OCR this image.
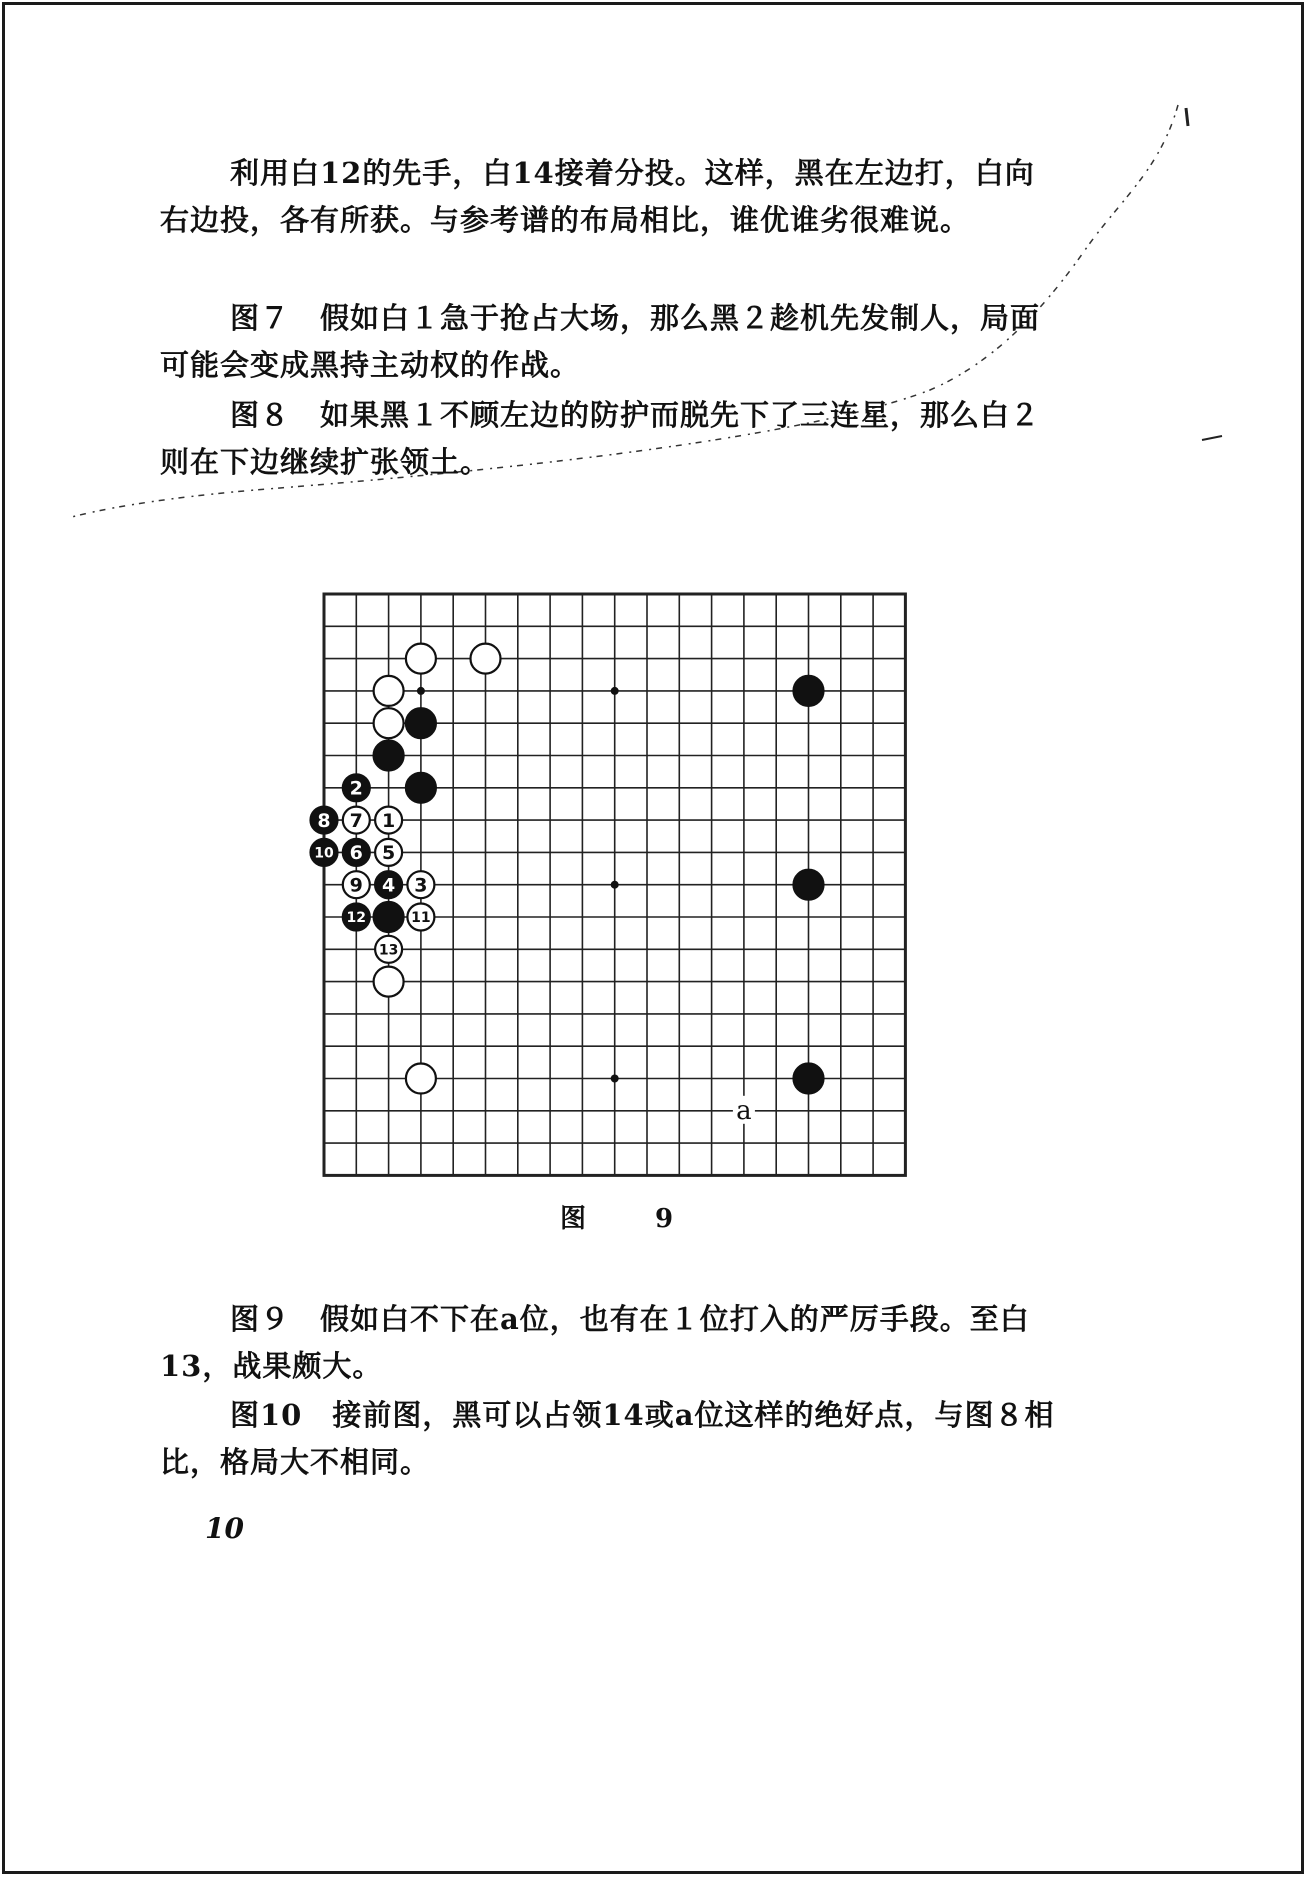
利用白12的先手，白14接着分投。这样，黑在左边打，白向右边投，各有所获。与参考谱的布局相比，谁优谁劣很难说。

图７　假如白１急于抢占大场，那么黑２趁机先发制人，局面可能会变成黑持主动权的作战。

图８　如果黑１不顾左边的防护而脱先下了三连星，那么白２则在下边继续扩张领土。

a
2
8 7 1
10 6 5
9 4 3
12	11
13
图 9

图９　假如白不下在a位，也有在１位打入的严厉手段。至白13，战果颇大。

图10　接前图，黑可以占领14或a位这样的绝好点，与图８相比，格局大不相同。

10
